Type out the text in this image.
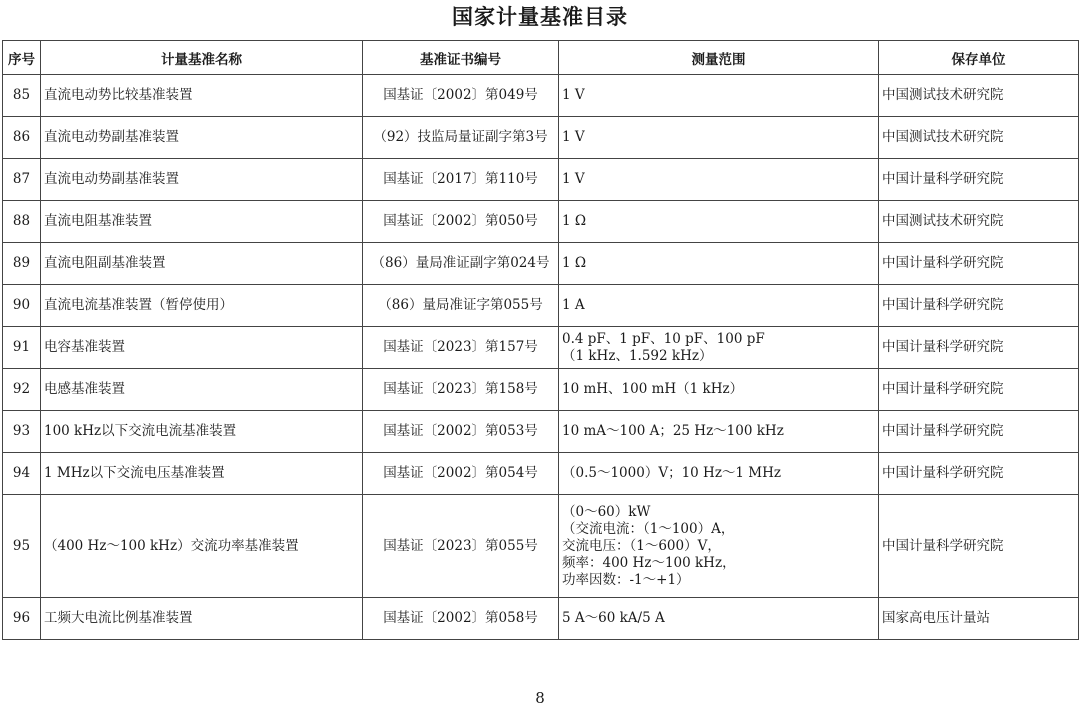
国家计量基准目录
序号	计量基准名称	基准证书编号	测量范围	保存单位
85	直流电动势比较基准装置	国基证〔2002〕第049号	1 V	中国测试技术研究院
86	直流电动势副基准装置	（92）技监局量证副字第3号	1 V	中国测试技术研究院
87	直流电动势副基准装置	国基证〔2017〕第110号	1 V	中国计量科学研究院
88	直流电阻基准装置	国基证〔2002〕第050号	1 Ω	中国测试技术研究院
89	直流电阻副基准装置	（86）量局准证副字第024号	1 Ω	中国计量科学研究院
90	直流电流基准装置（暂停使用）	（86）量局准证字第055号	1 A	中国计量科学研究院
91	电容基准装置	国基证〔2023〕第157号	0.4 pF、1 pF、10 pF、100 pF
（1 kHz、1.592 kHz）	中国计量科学研究院
92	电感基准装置	国基证〔2023〕第158号	10 mH、100 mH（1 kHz）	中国计量科学研究院
93	100 kHz以下交流电流基准装置	国基证〔2002〕第053号	10 mA～100 A；25 Hz～100 kHz	中国计量科学研究院
94	1 MHz以下交流电压基准装置	国基证〔2002〕第054号	（0.5～1000）V；10 Hz～1 MHz	中国计量科学研究院
95	（400 Hz～100 kHz）交流功率基准装置	国基证〔2023〕第055号	（0～60）kW
（交流电流：（1～100）A，
交流电压：（1～600）V，
频率：400 Hz～100 kHz，
功率因数：-1～+1）	中国计量科学研究院
96	工频大电流比例基准装置	国基证〔2002〕第058号	5 A～60 kA/5 A	国家高电压计量站
8
